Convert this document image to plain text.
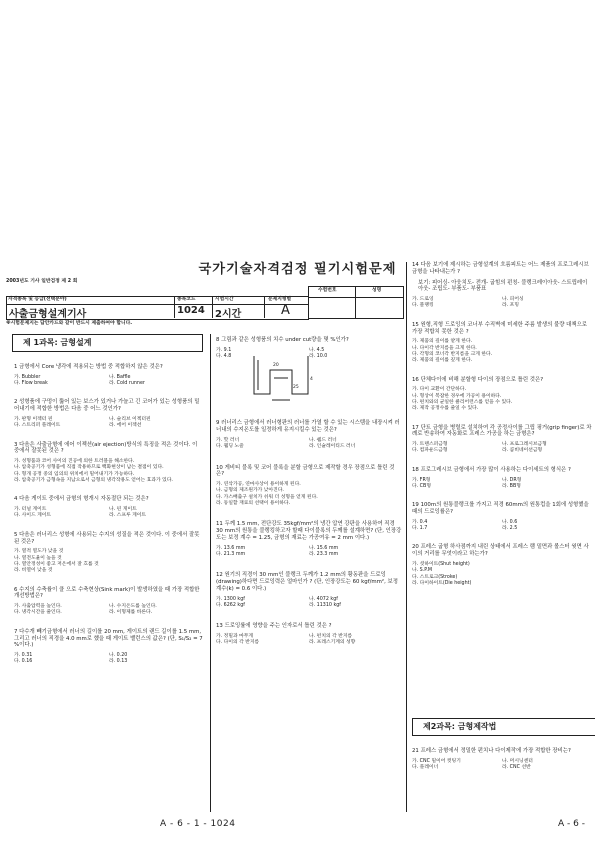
국가기술자격검정 필기시험문제
2003년도 기사 일반검정 제 2 회
수험번호	성명
자격종목 및 등급(선택분야)	종목코드	시험시간	문제지형별
사출금형설계기사	1024 2시간	A
※시험문제지는 답안카드와 같이 반드시 제출하여야 합니다.
제 1과목: 금형설계
1 금형에서 Core 냉각에 적용되는 방법 중 적합하지 않은 것은?
가. Bubbler	나. Baffle
다. Flow break	라. Cold runner
2 성형품에 구멍이 뚫어 있는 보스가 있거나 가늘고 긴 코어가 있는 성형품의 밀어내기에 적합한 방법은 다음 중 어느 것인가?
가. 판형 이젝터 핀	나. 슬리브 이젝터핀
다. 스트리퍼 플레이트	라. 에어 이젝션
3 다음은 사출금형에 에어 이젝션(air ejection)방식의 특징을 적은 것이다. 이 중에서 잘못된 것은 ?
가. 성형품과 코어 사이의 진공에 의한 트러블을 해소한다.
나. 압축공기가 성형품에 직접 작용하므로 백화현상이 남는 결점이 있다.
다. 형개 공정 중의 임의의 위치에서 밀어내기가 가능하다.
라. 압축공기가 금형속을 지남으로서 금형의 냉각작용도 얻어는 효과가 있다.
4 다음 게이트 중에서 금형의 형개시 자동절단 되는 것은?
가. 터널 게이트	나. 핀 게이트
다. 사이드 게이트	라. 스프루 게이트
5 다음은 러너리스 성형에 사용되는 수지의 성질을 적은 것이다. 이 중에서 잘못된 것은?
가. 열적 열도가 낮을 것
나. 열전도율이 높을 것
다. 열안정성이 좋고 저온에서 잘 흐를 것
라. 비열이 낮을 것
6 수지의 수축률이 클 으로 수축현상(Sink mark)이 발생하였을 때 가장 적합한 개선방법은?
가. 사출압력을 높인다.	나. 수지온도를 높인다.
다. 냉각시간을 줄인다.	라. 이형제를 바른다.
7 다수개 빼기금형에서 러너의 길이를 20 mm, 게이트의 랜드 길이를 1.5 mm, 그리고 러너의 직경을 4.0 mm로 했을 때 게이트 밸런스의 값은? (단, S₁/S₂ = 7 %이다.)
가. 0.31	나. 0.20
다. 0.16	라. 0.13
8 그림과 같은 성형품의 치수 under cut량을 몇 %인가?
가. 9.1	나. 4.5
다. 4.8	라. 10.0
9 러너리스 금형에서 러너형판의 러너를 가열 할 수 있는 시스템을 내장시켜 러너내의 수지온도를 일정하게 유지시킬수 있는 것은?
가. 핫 러너	나. 쉘드 러너
다. 웰딩 노즐	라. 인슐레이티드 러너
10 게비티 블록 및 코어 블록을 분할 금형으로 제작할 경우 장점으로 틀린 것은?
가. 연삭가공, 연마사상이 용이하게 된다.
나. 금형의 제조원가가 낮아진다.
다. 가스배출구 설치가 쉬워 더 성형을 얻게 된다.
라. 동일할 재료의 선택이 용이하다.
11 두께 1.5 mm, 전단강도 35kgf/mm²의 냉간 압연 강판을 사용하여 직경 30 mm의 원통을 블랭킹하고자 할때 다이블록의 두께를 설계하면? (단, 인장강도는 보정 계수 = 1.25, 금형의 재료는 가공여유 = 2 mm 이다.)
가. 13.6 mm	나. 15.6 mm
다. 21.3 mm	라. 23.3 mm
12 원기의 직경이 30 mm인 블랭크 두께가 1.2 mm의 황동판을 드로잉(drawing)하다면 드로잉력은 얼마인가 ? (단, 인장강도는 60 kgf/mm², 보정계수(k) = 0.6 이다.)
가. 1300 kgf	나. 4072 kgf
다. 6262 kgf	라. 11310 kgf
13 드로잉률에 영향을 주는 인자로서 틀린 것은 ?
가. 정밀과 마무게	나. 펀치의 각 반지름
다. 다이의 각 반지름	라. 프레스기계의 성향
14 다음 보기에 제시하는 금형설계의 흐름피트는 어느 제품의 프로그레시브 금형을 나타내는가 ?
보기: 피어싱- 아웃치도- 전개- 굽힘의 펀칭- 블랭크레이아웃- 스트립레이아웃- 조립도- 부품도- 부품표
가. 드로잉	나. 피어싱
다. 블랭킹	라. 포밍
15 원형,직형 드로잉의 코너부 수직벽에 미세한 주름 발생의 불량 대책으로 가장 적합치 못한 것은 ?
가. 제품의 깊이를 얕게 한다.
나. 다이각 반지름을 크게 한다.
다. 각형의 코너각 반지름을 크게 한다.
라. 제품의 깊이를 깊게 한다.
16 단체다이에 비해 분할형 다이의 장점으로 틀린 것은?
가. 다이 교환이 간단하다.
나. 형상이 복잡한 경우에 가공이 용이하다.
다. 편치와의 균일한 클리어런스를 얻을 수 있다.
라. 제작 공정수를 줄일 수 있다.
17 단트 금형을 병렬로 설치하여 각 공정사이를 그립 핑거(grip finger)로 차례로 반송하여 자동화로 프레스 가공을 하는 금형은?
가. 트랜스퍼금형	나. 프로그레시브금형
다. 컴파운드금형	라. 콤비네이션금형
18 프로그레시브 금형에서 가장 많이 사용하는 다이세트의 형식은 ?
가. FR형	나. DR형
다. CB형	라. BB형
19 100m의 원통블랭크를 가지고 직경 60mm의 원통컵을 1회에 성형했을 때의 드로잉률은?
가. 0.4	나. 0.6
다. 1.7	라. 2.5
20 프레스 굽형 하사점까지 내린 상태에서 프레스 램 밑면과 볼스터 윗면 사이의 거리를 무엇이라고 하는가?
가. 셧하이트(Shut height)
나. S.P.M
다. 스트로크(Stroke)
라. 다이하이트(Die height)
제2과목: 금형제작법
21 프레스 금형에서 정밀한 펀치나 다이제작에 가장 적합한 장비는?
가. CNC 밀이어 컷팅기	나. 머시닝센터
다. 플레이너	라. CNC 선반
20
25
4
A - 6 - 1 - 1024	A - 6 -
